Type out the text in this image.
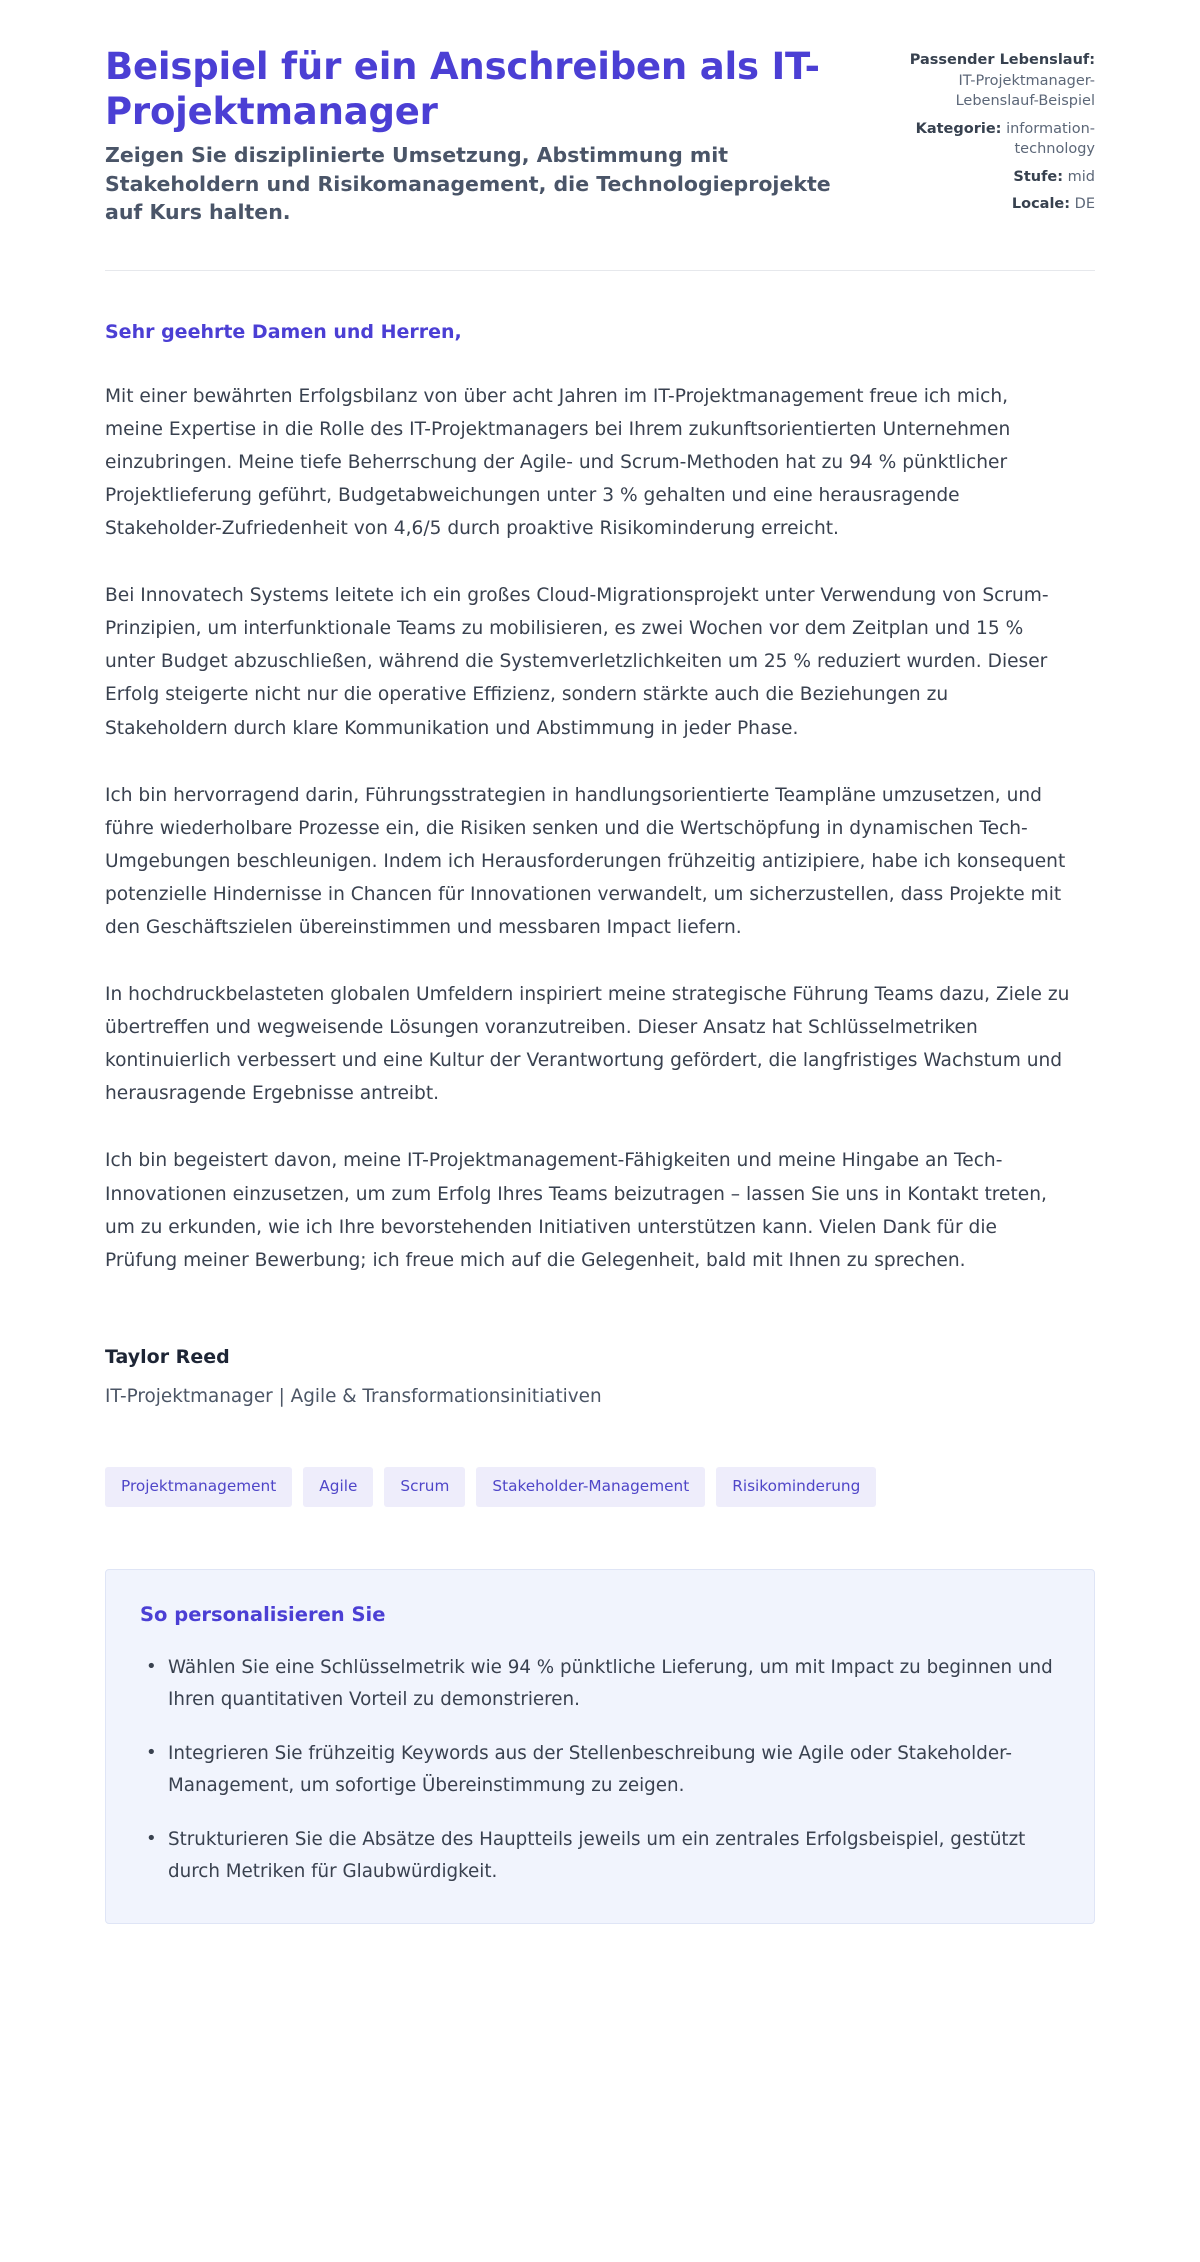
Beispiel für ein Anschreiben als IT-Projektmanager
Zeigen Sie disziplinierte Umsetzung, Abstimmung mit Stakeholdern und Risikomanagement, die Technologieprojekte auf Kurs halten.
Passender Lebenslauf: IT-Projektmanager-Lebenslauf-Beispiel
Kategorie: information-technology
Stufe: mid
Locale: DE
Sehr geehrte Damen und Herren,

Mit einer bewährten Erfolgsbilanz von über acht Jahren im IT-Projektmanagement freue ich mich, meine Expertise in die Rolle des IT-Projektmanagers bei Ihrem zukunftsorientierten Unternehmen einzubringen. Meine tiefe Beherrschung der Agile- und Scrum-Methoden hat zu 94 % pünktlicher Projektlieferung geführt, Budgetabweichungen unter 3 % gehalten und eine herausragende Stakeholder-Zufriedenheit von 4,6/5 durch proaktive Risikominderung erreicht.

Bei Innovatech Systems leitete ich ein großes Cloud-Migrationsprojekt unter Verwendung von Scrum-Prinzipien, um interfunktionale Teams zu mobilisieren, es zwei Wochen vor dem Zeitplan und 15 % unter Budget abzuschließen, während die Systemverletzlichkeiten um 25 % reduziert wurden. Dieser Erfolg steigerte nicht nur die operative Effizienz, sondern stärkte auch die Beziehungen zu Stakeholdern durch klare Kommunikation und Abstimmung in jeder Phase.

Ich bin hervorragend darin, Führungsstrategien in handlungsorientierte Teampläne umzusetzen, und führe wiederholbare Prozesse ein, die Risiken senken und die Wertschöpfung in dynamischen Tech-Umgebungen beschleunigen. Indem ich Herausforderungen frühzeitig antizipiere, habe ich konsequent potenzielle Hindernisse in Chancen für Innovationen verwandelt, um sicherzustellen, dass Projekte mit den Geschäftszielen übereinstimmen und messbaren Impact liefern.

In hochdruckbelasteten globalen Umfeldern inspiriert meine strategische Führung Teams dazu, Ziele zu übertreffen und wegweisende Lösungen voranzutreiben. Dieser Ansatz hat Schlüsselmetriken kontinuierlich verbessert und eine Kultur der Verantwortung gefördert, die langfristiges Wachstum und herausragende Ergebnisse antreibt.

Ich bin begeistert davon, meine IT-Projektmanagement-Fähigkeiten und meine Hingabe an Tech-Innovationen einzusetzen, um zum Erfolg Ihres Teams beizutragen – lassen Sie uns in Kontakt treten, um zu erkunden, wie ich Ihre bevorstehenden Initiativen unterstützen kann. Vielen Dank für die Prüfung meiner Bewerbung; ich freue mich auf die Gelegenheit, bald mit Ihnen zu sprechen.

Taylor Reed
IT-Projektmanager | Agile & Transformationsinitiativen
Projektmanagement	Agile	Scrum	Stakeholder-Management	Risikominderung
So personalisieren Sie
• Wählen Sie eine Schlüsselmetrik wie 94 % pünktliche Lieferung, um mit Impact zu beginnen und Ihren quantitativen Vorteil zu demonstrieren.
• Integrieren Sie frühzeitig Keywords aus der Stellenbeschreibung wie Agile oder Stakeholder-Management, um sofortige Übereinstimmung zu zeigen.
• Strukturieren Sie die Absätze des Hauptteils jeweils um ein zentrales Erfolgsbeispiel, gestützt durch Metriken für Glaubwürdigkeit.
